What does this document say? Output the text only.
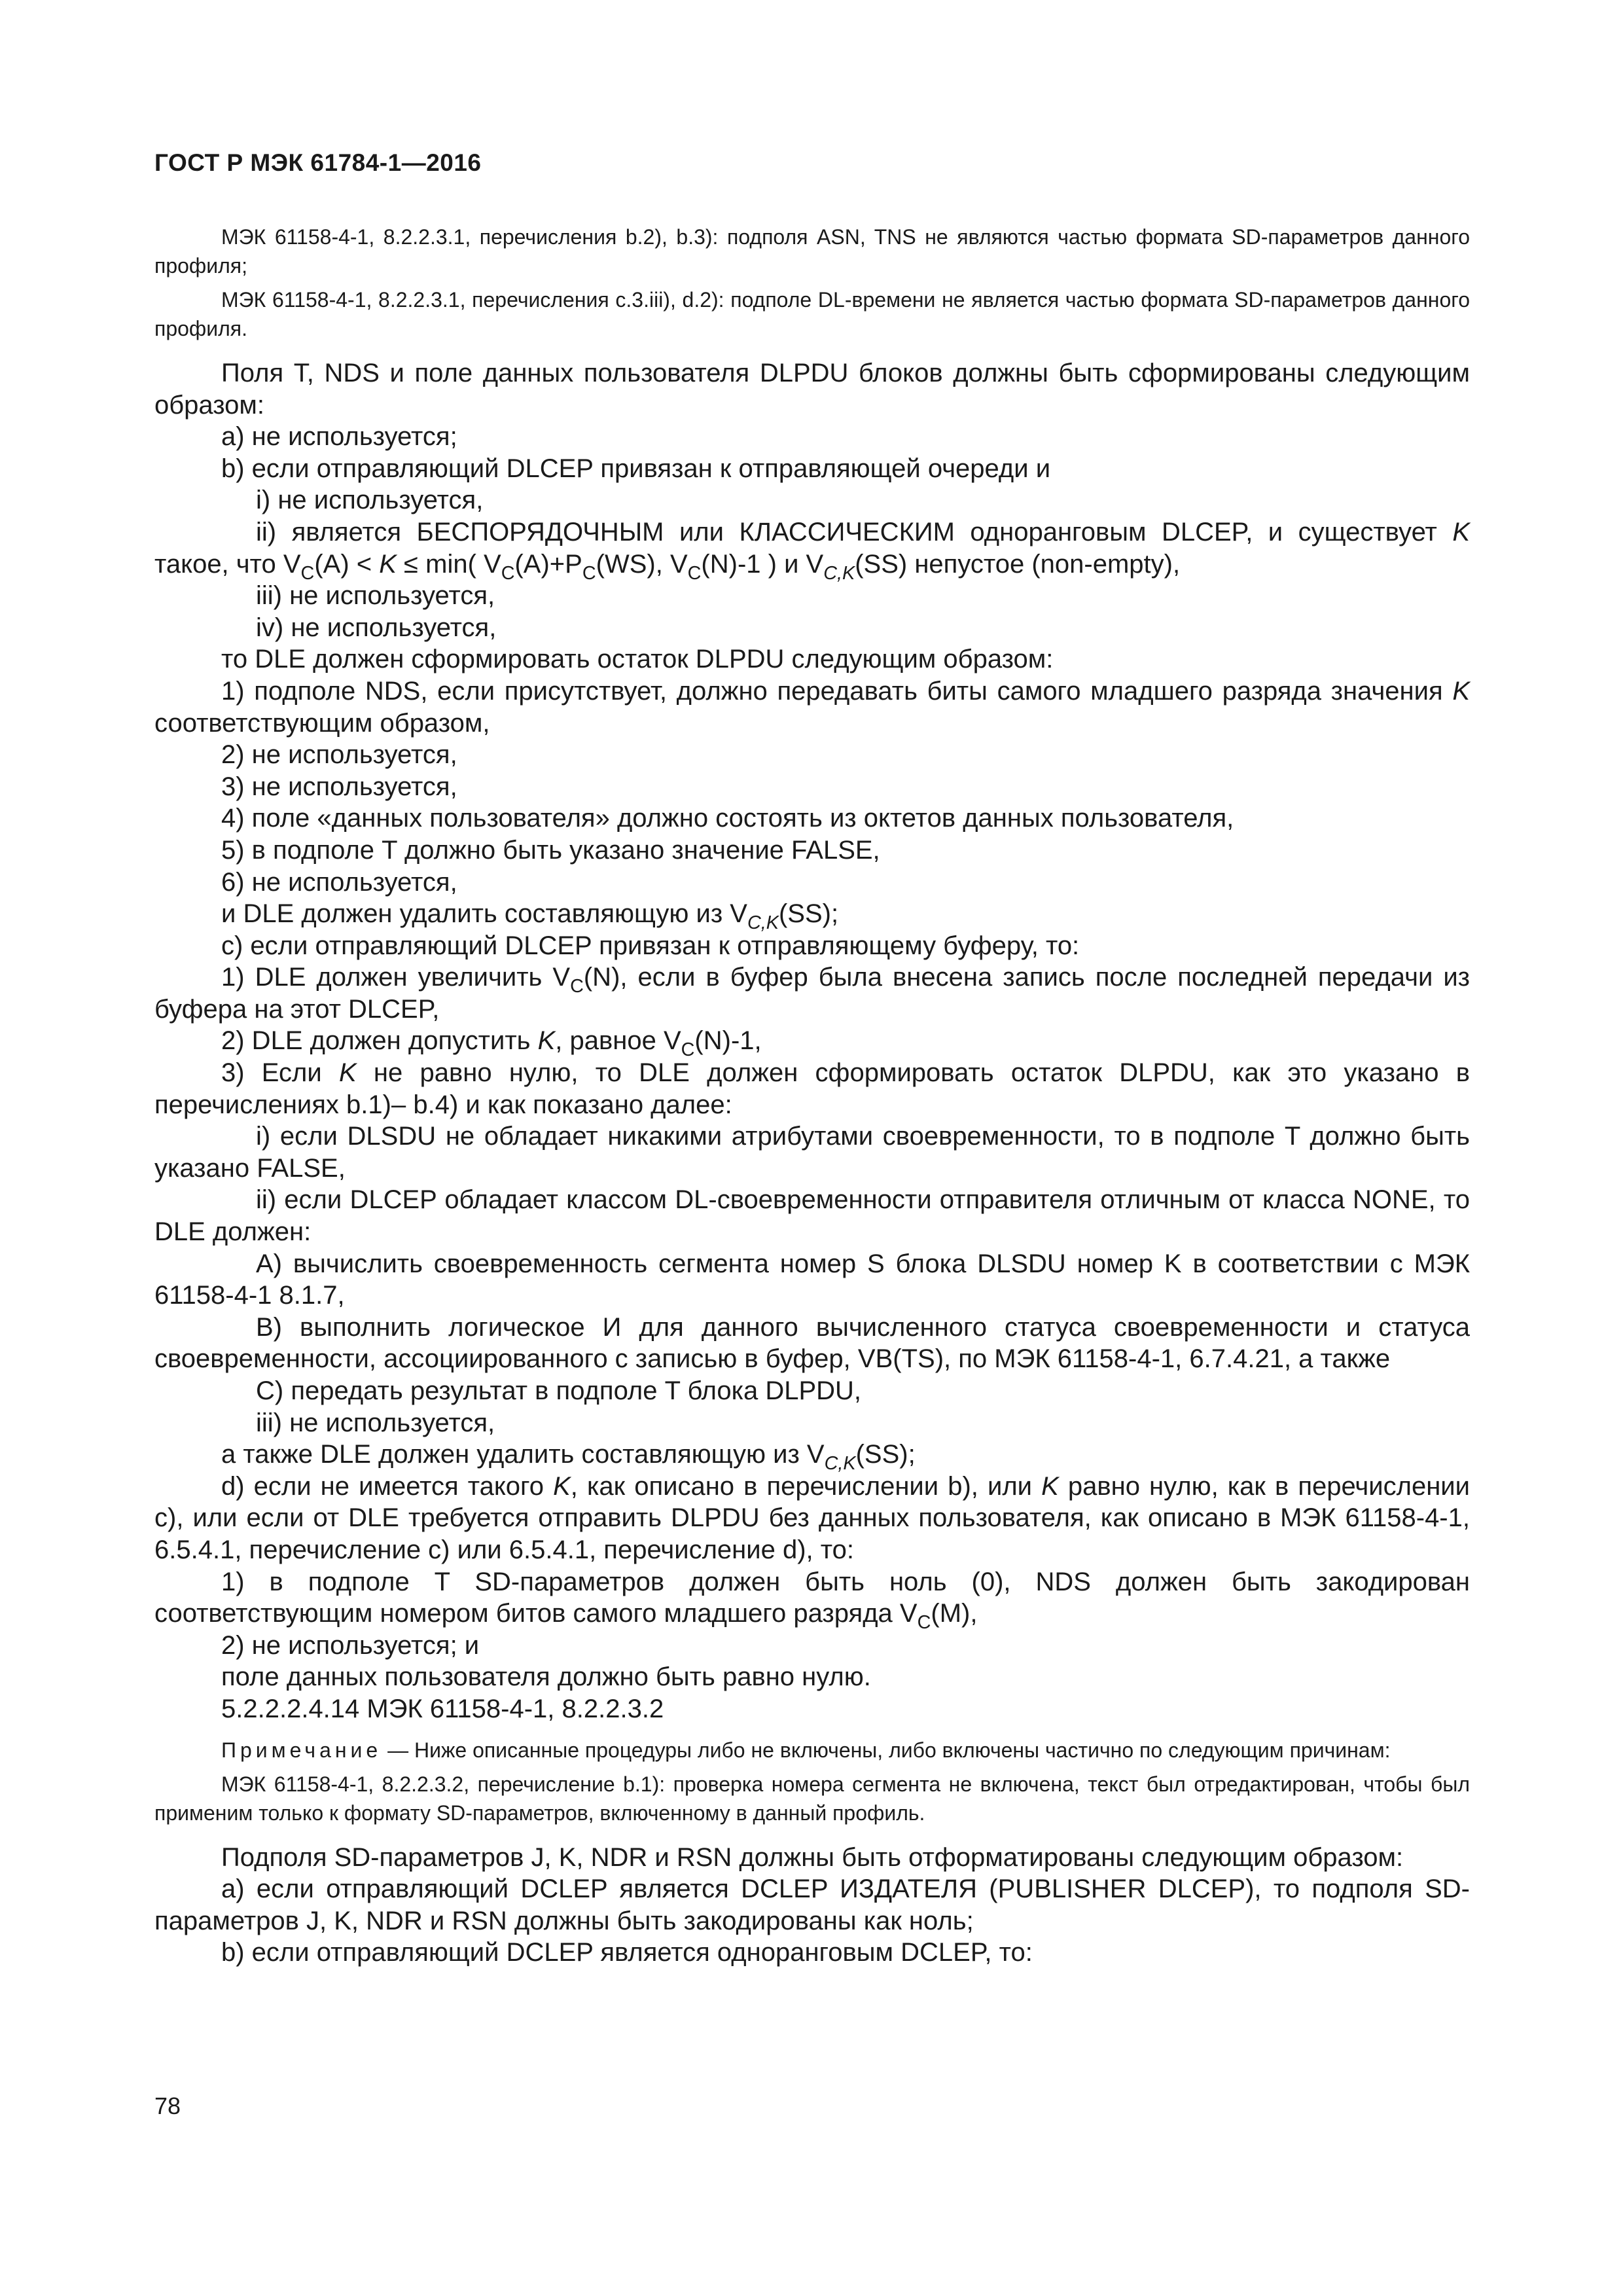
ГОСТ Р МЭК 61784-1—2016

МЭК 61158-4-1, 8.2.2.3.1, перечисления b.2), b.3): подполя ASN, TNS не являются частью формата SD-параметров данного профиля;

МЭК 61158-4-1, 8.2.2.3.1, перечисления c.3.iii), d.2): подполе DL-времени не является частью формата SD-параметров данного профиля.

Поля T, NDS и поле данных пользователя DLPDU блоков должны быть сформированы следующим образом:

a) не используется;

b) если отправляющий DLCEP привязан к отправляющей очереди и

i) не используется,

ii) является БЕСПОРЯДОЧНЫМ или КЛАССИЧЕСКИМ одноранговым DLCEP, и существует K такое, что $V_C(A) < K \le \min$( $V_C(A)+P_C(WS)$, $V_C(N)-1$ ) и $V_{C,K}(SS)$ непустое (non-empty),

iii) не используется,

iv) не используется,

то DLE должен сформировать остаток DLPDU следующим образом:

1) подполе NDS, если присутствует, должно передавать биты самого младшего разряда значения K соответствующим образом,

2) не используется,

3) не используется,

4) поле «данных пользователя» должно состоять из октетов данных пользователя,

5) в подполе T должно быть указано значение FALSE,

6) не используется,

и DLE должен удалить составляющую из $V_{C,K}(SS)$;

c) если отправляющий DLCEP привязан к отправляющему буферу, то:

1) DLE должен увеличить $V_C(N)$, если в буфер была внесена запись после последней передачи из буфера на этот DLCEP,

2) DLE должен допустить K, равное $V_C(N)-1$,

3) Если K не равно нулю, то DLE должен сформировать остаток DLPDU, как это указано в перечислениях b.1)– b.4) и как показано далее:

i) если DLSDU не обладает никакими атрибутами своевременности, то в подполе T должно быть указано FALSE,

ii) если DLCEP обладает классом DL-своевременности отправителя отличным от класса NONE, то DLE должен:

A) вычислить своевременность сегмента номер S блока DLSDU номер K в соответствии с МЭК 61158-4-1 8.1.7,

B) выполнить логическое И для данного вычисленного статуса своевременности и статуса своевременности, ассоциированного с записью в буфер, VB(TS), по МЭК 61158-4-1, 6.7.4.21, а также

C) передать результат в подполе T блока DLPDU,

iii) не используется,

а также DLE должен удалить составляющую из $V_{C,K}(SS)$;

d) если не имеется такого K, как описано в перечислении b), или K равно нулю, как в перечислении c), или если от DLE требуется отправить DLPDU без данных пользователя, как описано в МЭК 61158-4-1, 6.5.4.1, перечисление c) или 6.5.4.1, перечисление d), то:

1) в подполе T SD-параметров должен быть ноль (0), NDS должен быть закодирован соответствующим номером битов самого младшего разряда $V_C(M)$,

2) не используется; и

поле данных пользователя должно быть равно нулю.

5.2.2.2.4.14 МЭК 61158-4-1, 8.2.2.3.2

Примечание — Ниже описанные процедуры либо не включены, либо включены частично по следующим причинам:

МЭК 61158-4-1, 8.2.2.3.2, перечисление b.1): проверка номера сегмента не включена, текст был отредактирован, чтобы был применим только к формату SD-параметров, включенному в данный профиль.

Подполя SD-параметров J, K, NDR и RSN должны быть отформатированы следующим образом:

a) если отправляющий DCLEP является DCLEP ИЗДАТЕЛЯ (PUBLISHER DLCEP), то подполя SD-параметров J, K, NDR и RSN должны быть закодированы как ноль;

b) если отправляющий DCLEP является одноранговым DCLEP, то:

78
